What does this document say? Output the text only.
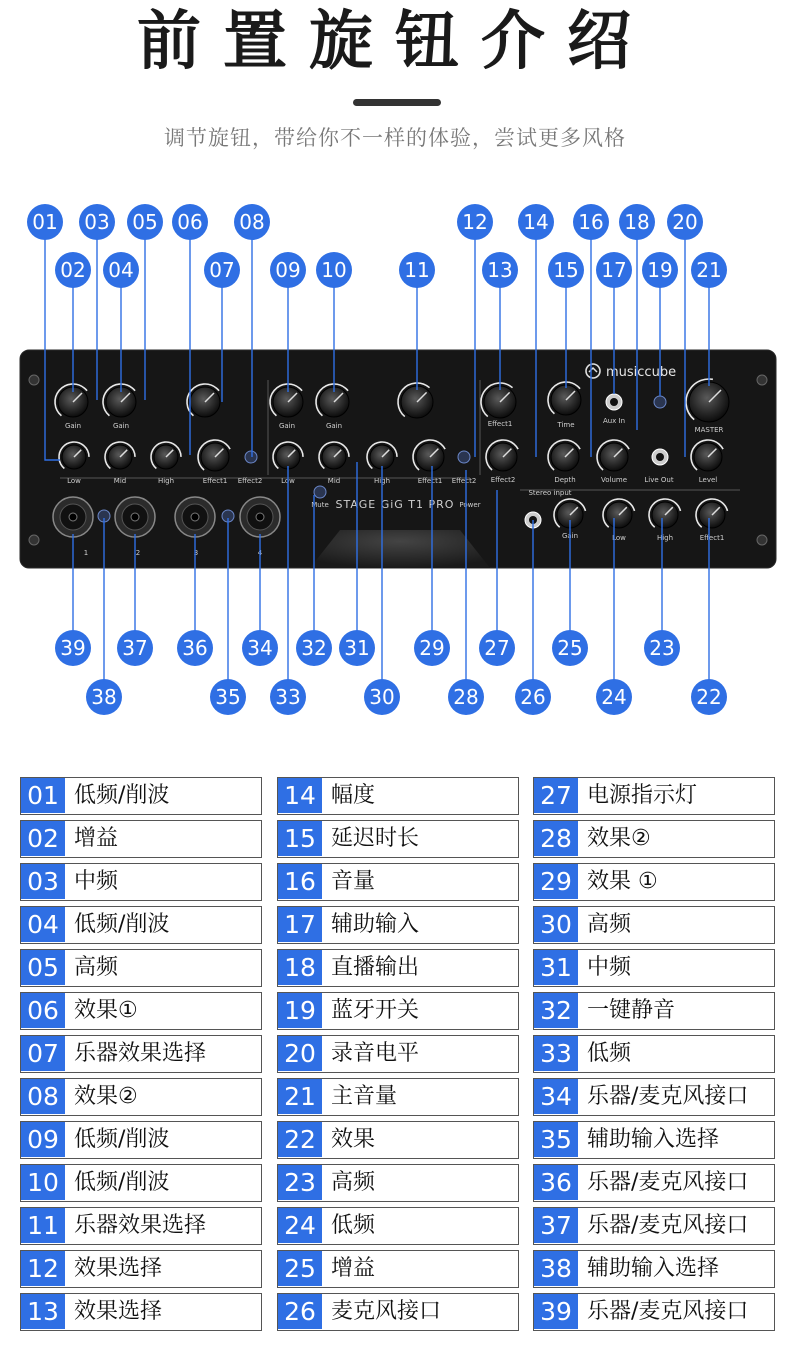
前置旋钮介绍
调节旋钮，带给你不一样的体验，尝试更多风格
Gain	Gain	Gain	Gain
Low	Mid	High	Effect1 Effect2	Low	Mid	High	Effect1 Effect2
Effect1
Effect2
Time
Depth	Volume Live Out	Level
MASTER
Aux In
Mute	Power
Stereo input
Gain	Low	High	Effect1
1	2	3	4
STAGE GiG T1 PRO
musiccube
01
02
03
04
05 06
07
08
09 10	11
12
13
14
15
16
17
18
19
20
21
22
23
24
25
26
27
28
29
30
31
32
33
34
35
36
37
38
39
01 低频/削波
02 增益
03 中频
04 低频/削波
05 高频
06 效果①
07 乐器效果选择
08 效果②
09 低频/削波
10 低频/削波
11 乐器效果选择
12 效果选择
13 效果选择
14 幅度
15 延迟时长
16 音量
17 辅助输入
18 直播输出
19 蓝牙开关
20 录音电平
21 主音量
22 效果
23 高频
24 低频
25 增益
26 麦克风接口
27 电源指示灯
28 效果②
29 效果 ①
30 高频
31 中频
32 一键静音
33 低频
34 乐器/麦克风接口
35 辅助输入选择
36 乐器/麦克风接口
37 乐器/麦克风接口
38 辅助输入选择
39 乐器/麦克风接口
